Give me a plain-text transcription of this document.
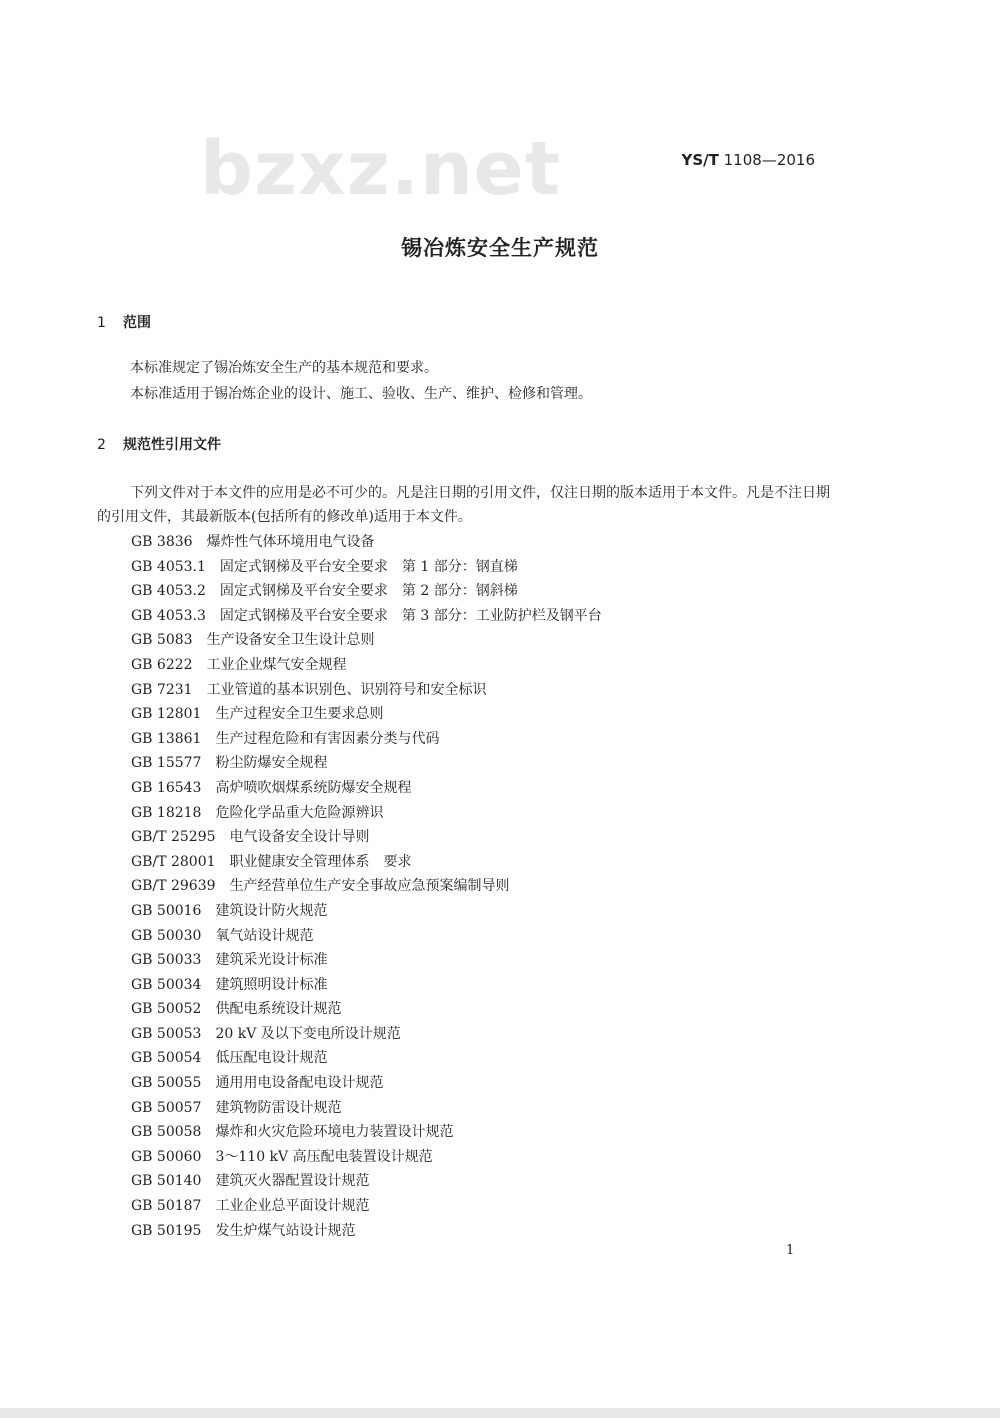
bzxz.net	YS/T 1108—2016
锡冶炼安全生产规范
1 范围

本标准规定了锡冶炼安全生产的基本规范和要求。

本标准适用于锡冶炼企业的设计、施工、验收、生产、维护、检修和管理。

2 规范性引用文件

下列文件对于本文件的应用是必不可少的。凡是注日期的引用文件，仅注日期的版本适用于本文件。凡是不注日期的引用文件，其最新版本(包括所有的修改单)适用于本文件。

GB 3836 爆炸性气体环境用电气设备
GB 4053.1 固定式钢梯及平台安全要求　第 1 部分：钢直梯
GB 4053.2 固定式钢梯及平台安全要求　第 2 部分：钢斜梯
GB 4053.3 固定式钢梯及平台安全要求　第 3 部分：工业防护栏及钢平台
GB 5083 生产设备安全卫生设计总则
GB 6222 工业企业煤气安全规程
GB 7231 工业管道的基本识别色、识别符号和安全标识
GB 12801 生产过程安全卫生要求总则
GB 13861 生产过程危险和有害因素分类与代码
GB 15577 粉尘防爆安全规程
GB 16543 高炉喷吹烟煤系统防爆安全规程
GB 18218 危险化学品重大危险源辨识
GB/T 25295 电气设备安全设计导则
GB/T 28001 职业健康安全管理体系　要求
GB/T 29639 生产经营单位生产安全事故应急预案编制导则
GB 50016 建筑设计防火规范
GB 50030 氧气站设计规范
GB 50033 建筑采光设计标准
GB 50034 建筑照明设计标准
GB 50052 供配电系统设计规范
GB 50053 20 kV 及以下变电所设计规范
GB 50054 低压配电设计规范
GB 50055 通用用电设备配电设计规范
GB 50057 建筑物防雷设计规范
GB 50058 爆炸和火灾危险环境电力装置设计规范
GB 50060 3～110 kV 高压配电装置设计规范
GB 50140 建筑灭火器配置设计规范
GB 50187 工业企业总平面设计规范
GB 50195 发生炉煤气站设计规范
1
